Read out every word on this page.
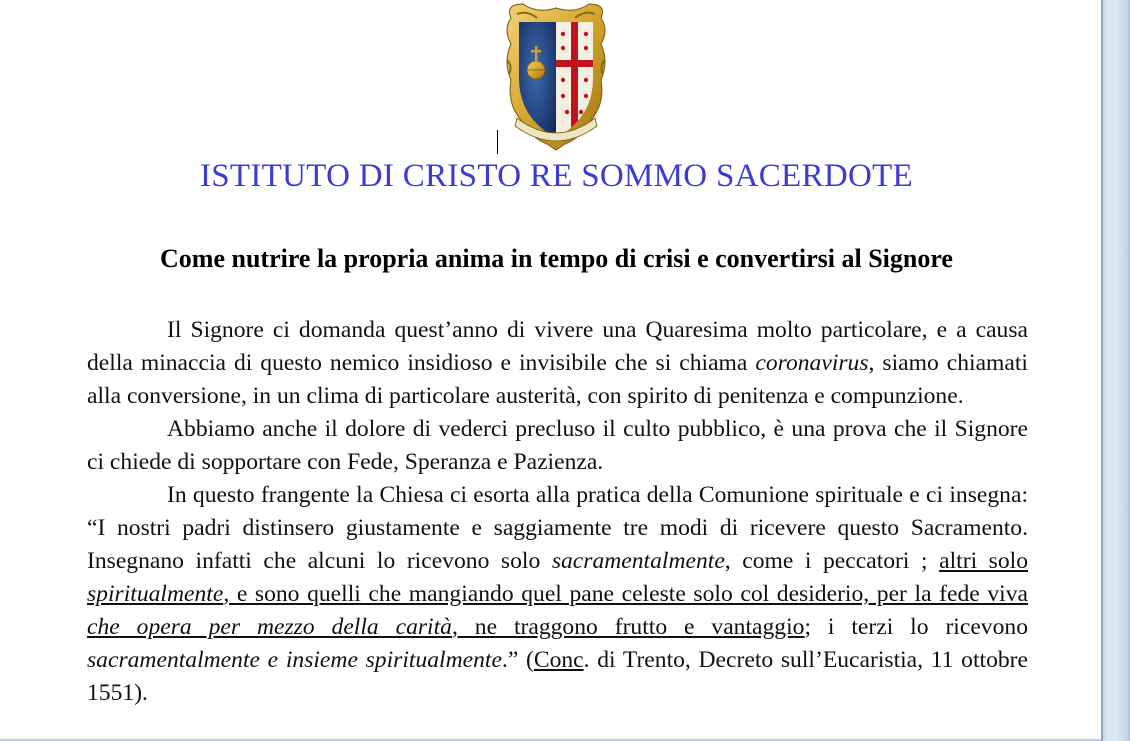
ISTITUTO DI CRISTO RE SOMMO SACERDOTE
Come nutrire la propria anima in tempo di crisi e convertirsi al Signore

Il Signore ci domanda quest’anno di vivere una Quaresima molto particolare, e a causa della minaccia di questo nemico insidioso e invisibile che si chiama coronavirus, siamo chiamati alla conversione, in un clima di particolare austerità, con spirito di penitenza e compunzione.

Abbiamo anche il dolore di vederci precluso il culto pubblico, è una prova che il Signore ci chiede di sopportare con Fede, Speranza e Pazienza.

In questo frangente la Chiesa ci esorta alla pratica della Comunione spirituale e ci insegna: “I nostri padri distinsero giustamente e saggiamente tre modi di ricevere questo Sacramento. Insegnano infatti che alcuni lo ricevono solo sacramentalmente, come i peccatori ; altri solo spiritualmente, e sono quelli che mangiando quel pane celeste solo col desiderio, per la fede viva che opera per mezzo della carità, ne traggono frutto e vantaggio; i terzi lo ricevono sacramentalmente e insieme spiritualmente.” (Conc. di Trento, Decreto sull’Eucaristia, 11 ottobre 1551).
